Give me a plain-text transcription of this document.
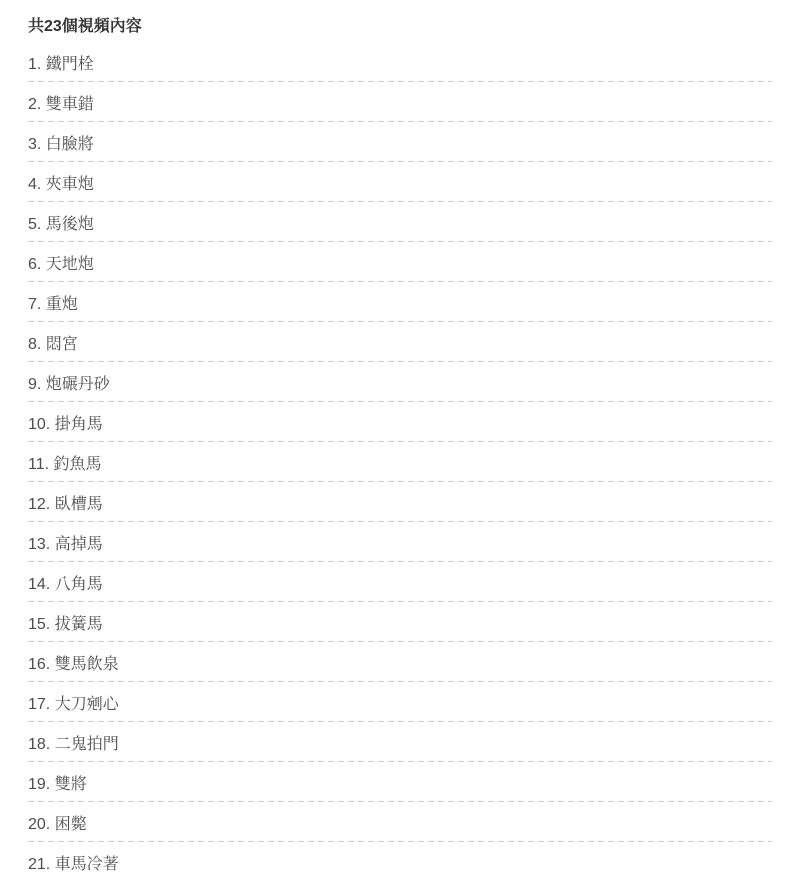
共23個視頻內容
1. 鐵門栓
2. 雙車錯
3. 白臉將
4. 夾車炮
5. 馬後炮
6. 天地炮
7. 重炮
8. 悶宮
9. 炮碾丹砂
10. 掛角馬
11. 釣魚馬
12. 臥槽馬
13. 高掉馬
14. 八角馬
15. 拔簧馬
16. 雙馬飲泉
17. 大刀剜心
18. 二鬼拍門
19. 雙將
20. 困斃
21. 車馬冷著
